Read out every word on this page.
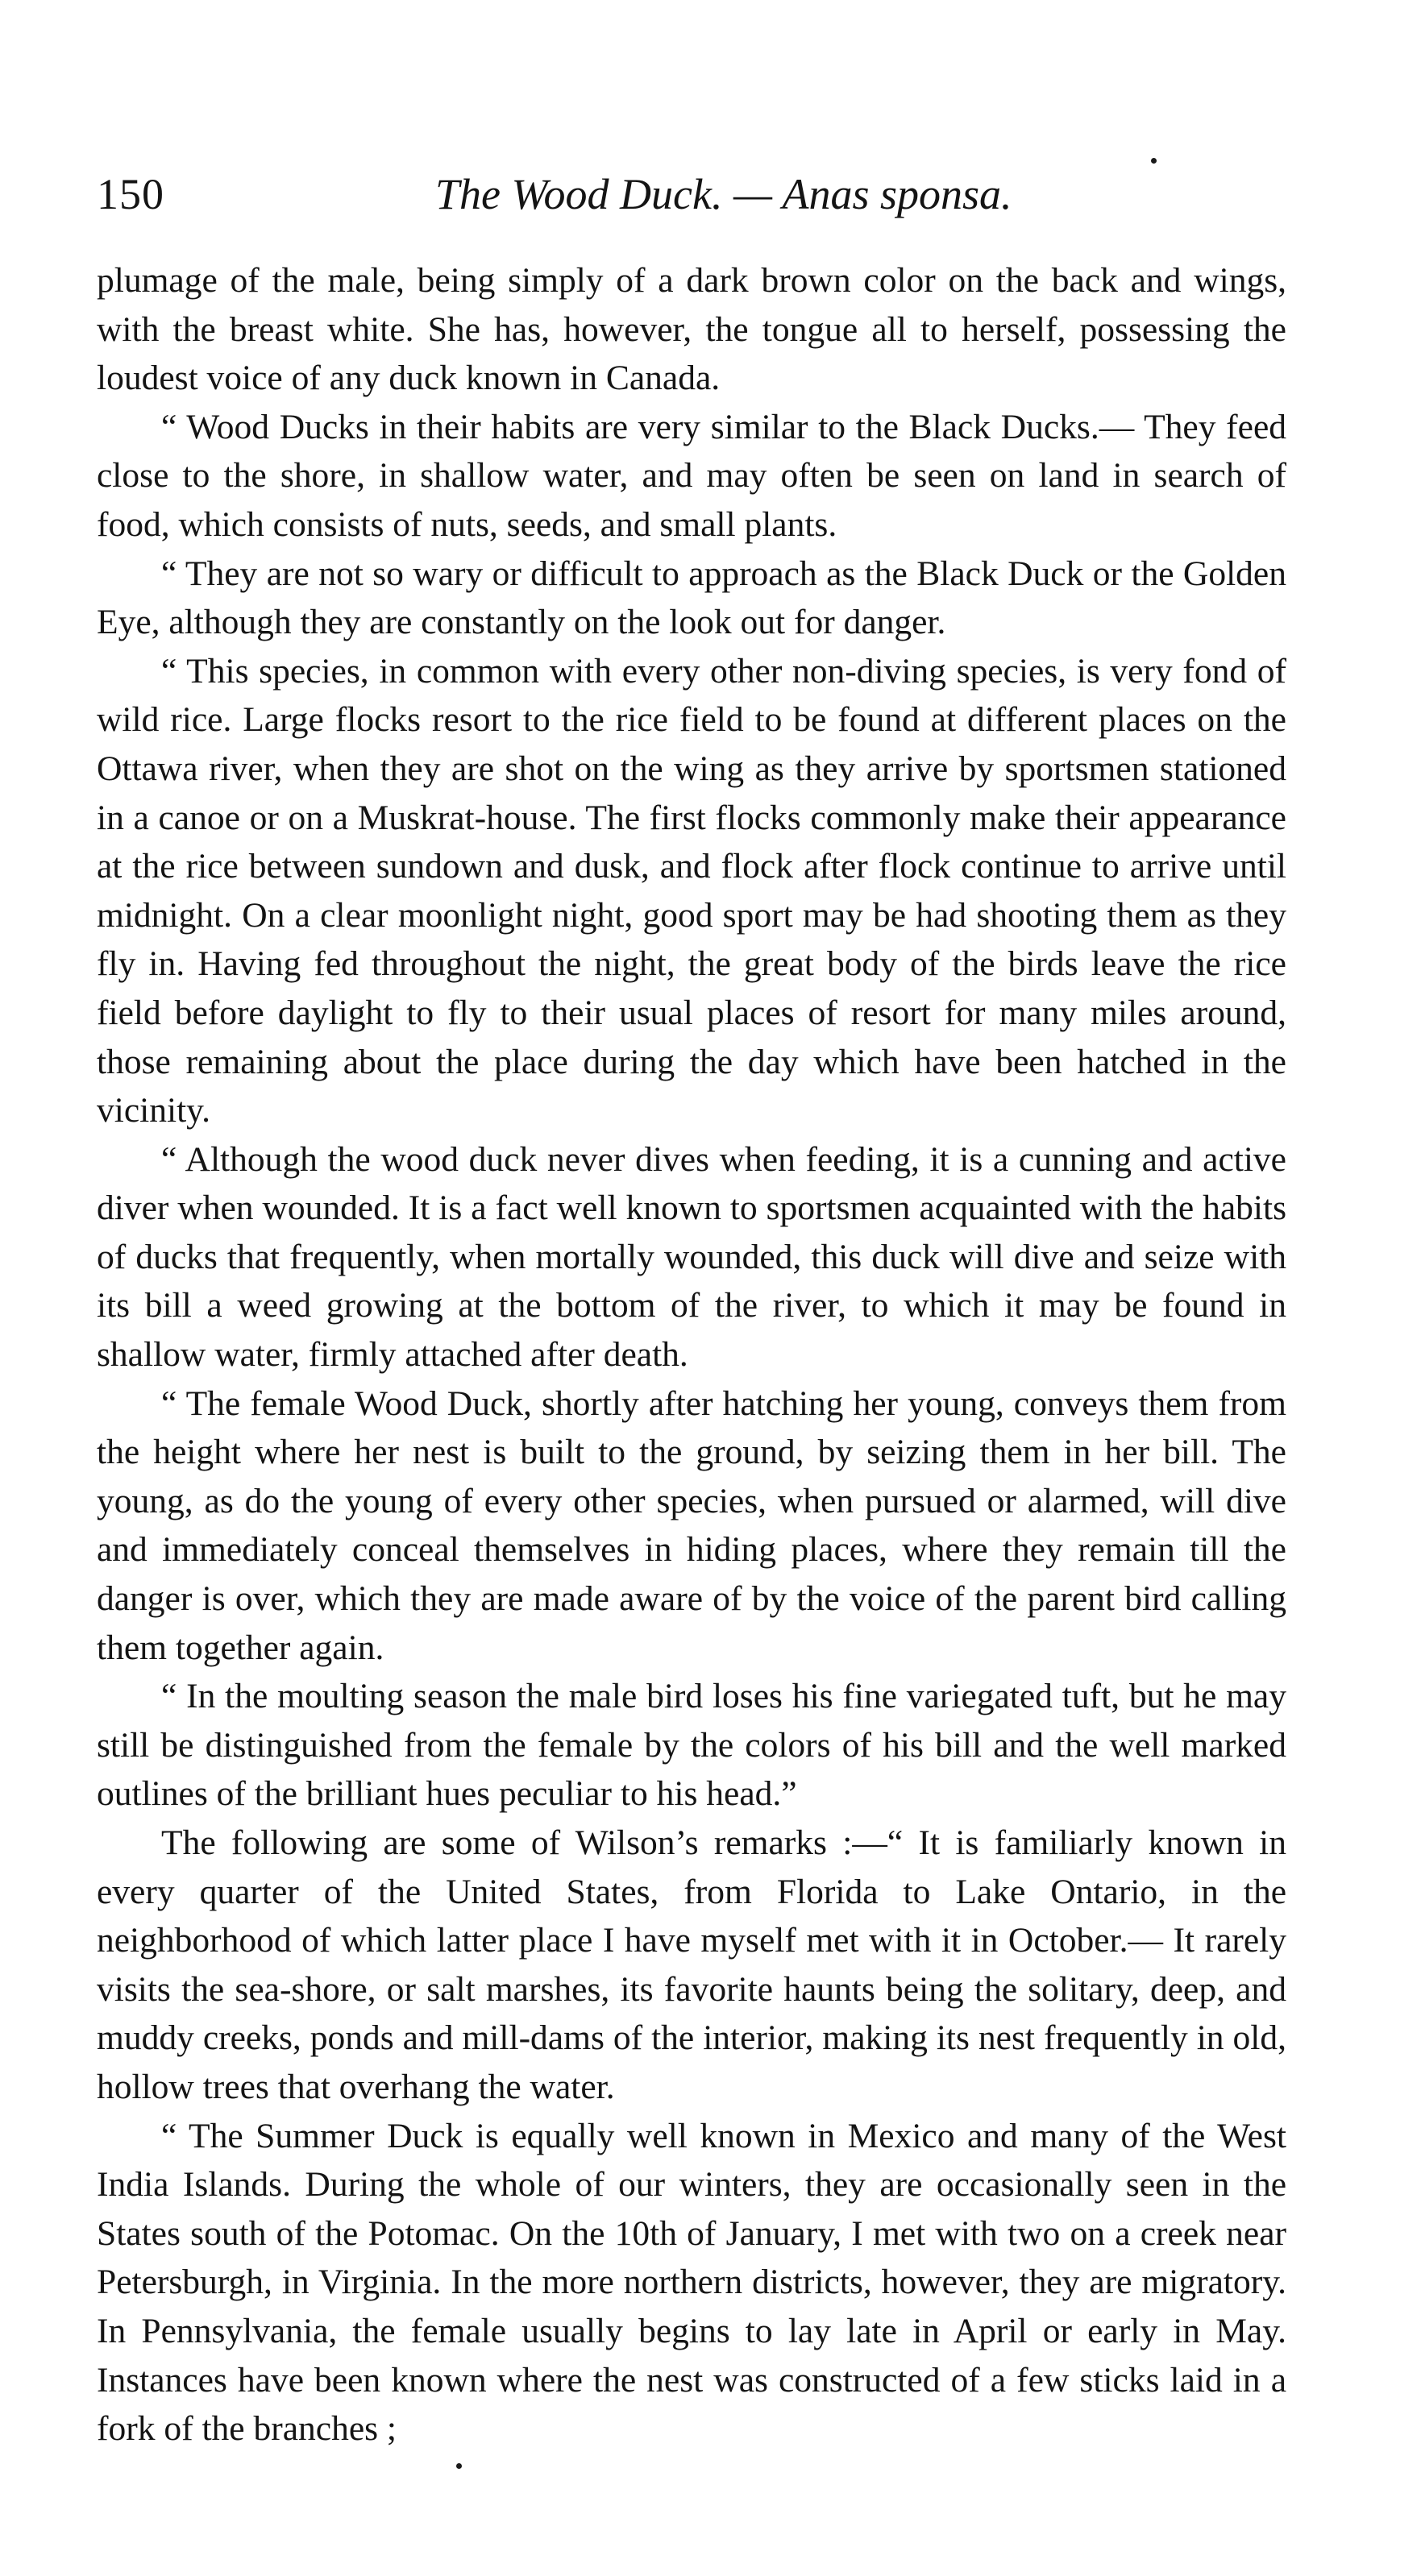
150	The Wood Duck. — Anas sponsa.

plumage of the male, being simply of a dark brown color on the back and wings, with the breast white. She has, however, the tongue all to herself, possessing the loudest voice of any duck known in Canada.

“ Wood Ducks in their habits are very similar to the Black Ducks.— They feed close to the shore, in shallow water, and may often be seen on land in search of food, which consists of nuts, seeds, and small plants.

“ They are not so wary or difficult to approach as the Black Duck or the Golden Eye, although they are constantly on the look out for danger.

“ This species, in common with every other non-diving species, is very fond of wild rice. Large flocks resort to the rice field to be found at different places on the Ottawa river, when they are shot on the wing as they arrive by sportsmen stationed in a canoe or on a Muskrat-house. The first flocks commonly make their appearance at the rice between sundown and dusk, and flock after flock continue to arrive until midnight. On a clear moonlight night, good sport may be had shooting them as they fly in. Having fed throughout the night, the great body of the birds leave the rice field before daylight to fly to their usual places of resort for many miles around, those remaining about the place during the day which have been hatched in the vicinity.

“ Although the wood duck never dives when feeding, it is a cunning and active diver when wounded. It is a fact well known to sportsmen acquainted with the habits of ducks that frequently, when mortally wounded, this duck will dive and seize with its bill a weed growing at the bottom of the river, to which it may be found in shallow water, firmly attached after death.

“ The female Wood Duck, shortly after hatching her young, conveys them from the height where her nest is built to the ground, by seizing them in her bill. The young, as do the young of every other species, when pursued or alarmed, will dive and immediately conceal themselves in hiding places, where they remain till the danger is over, which they are made aware of by the voice of the parent bird calling them together again.

“ In the moulting season the male bird loses his fine variegated tuft, but he may still be distinguished from the female by the colors of his bill and the well marked outlines of the brilliant hues peculiar to his head.”

The following are some of Wilson’s remarks :—“ It is familiarly known in every quarter of the United States, from Florida to Lake Ontario, in the neighborhood of which latter place I have myself met with it in October.— It rarely visits the sea-shore, or salt marshes, its favorite haunts being the solitary, deep, and muddy creeks, ponds and mill-dams of the interior, making its nest frequently in old, hollow trees that overhang the water.

“ The Summer Duck is equally well known in Mexico and many of the West India Islands. During the whole of our winters, they are occasionally seen in the States south of the Potomac. On the 10th of January, I met with two on a creek near Petersburgh, in Virginia. In the more northern districts, however, they are migratory. In Pennsylvania, the female usually begins to lay late in April or early in May. Instances have been known where the nest was constructed of a few sticks laid in a fork of the branches ;
